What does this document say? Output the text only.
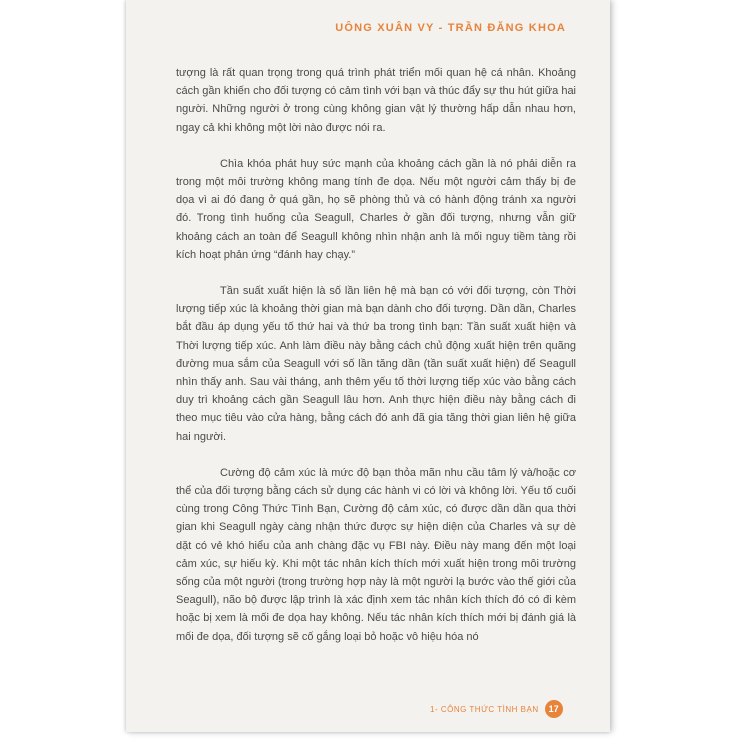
UÔNG XUÂN VY - TRẦN ĐĂNG KHOA

tượng là rất quan trọng trong quá trình phát triển mối quan hệ cá nhân. Khoảng cách gần khiến cho đối tượng có cảm tình với bạn và thúc đẩy sự thu hút giữa hai người. Những người ở trong cùng không gian vật lý thường hấp dẫn nhau hơn, ngay cả khi không một lời nào được nói ra.

Chìa khóa phát huy sức mạnh của khoảng cách gần là nó phải diễn ra trong một môi trường không mang tính đe dọa. Nếu một người cảm thấy bị đe dọa vì ai đó đang ở quá gần, họ sẽ phòng thủ và có hành động tránh xa người đó. Trong tình huống của Seagull, Charles ở gần đối tượng, nhưng vẫn giữ khoảng cách an toàn để Seagull không nhìn nhận anh là mối nguy tiềm tàng rồi kích hoạt phản ứng “đánh hay chạy.”

Tần suất xuất hiện là số lần liên hệ mà bạn có với đối tượng, còn Thời lượng tiếp xúc là khoảng thời gian mà bạn dành cho đối tượng. Dần dần, Charles bắt đầu áp dụng yếu tố thứ hai và thứ ba trong tình bạn: Tần suất xuất hiện và Thời lượng tiếp xúc. Anh làm điều này bằng cách chủ động xuất hiện trên quãng đường mua sắm của Seagull với số lần tăng dần (tần suất xuất hiện) để Seagull nhìn thấy anh. Sau vài tháng, anh thêm yếu tố thời lượng tiếp xúc vào bằng cách duy trì khoảng cách gần Seagull lâu hơn. Anh thực hiện điều này bằng cách đi theo mục tiêu vào cửa hàng, bằng cách đó anh đã gia tăng thời gian liên hệ giữa hai người.

Cường độ cảm xúc là mức độ bạn thỏa mãn nhu cầu tâm lý và/hoặc cơ thể của đối tượng bằng cách sử dụng các hành vi có lời và không lời. Yếu tố cuối cùng trong Công Thức Tình Bạn, Cường độ cảm xúc, có được dần dần qua thời gian khi Seagull ngày càng nhận thức được sự hiện diện của Charles và sự dè dặt có vẻ khó hiểu của anh chàng đặc vụ FBI này. Điều này mang đến một loại cảm xúc, sự hiếu kỳ. Khi một tác nhân kích thích mới xuất hiện trong môi trường sống của một người (trong trường hợp này là một người lạ bước vào thế giới của Seagull), não bộ được lập trình là xác định xem tác nhân kích thích đó có đi kèm hoặc bị xem là mối đe dọa hay không. Nếu tác nhân kích thích mới bị đánh giá là mối đe dọa, đối tượng sẽ cố gắng loại bỏ hoặc vô hiệu hóa nó

1- CÔNG THỨC TÌNH BẠN	17
